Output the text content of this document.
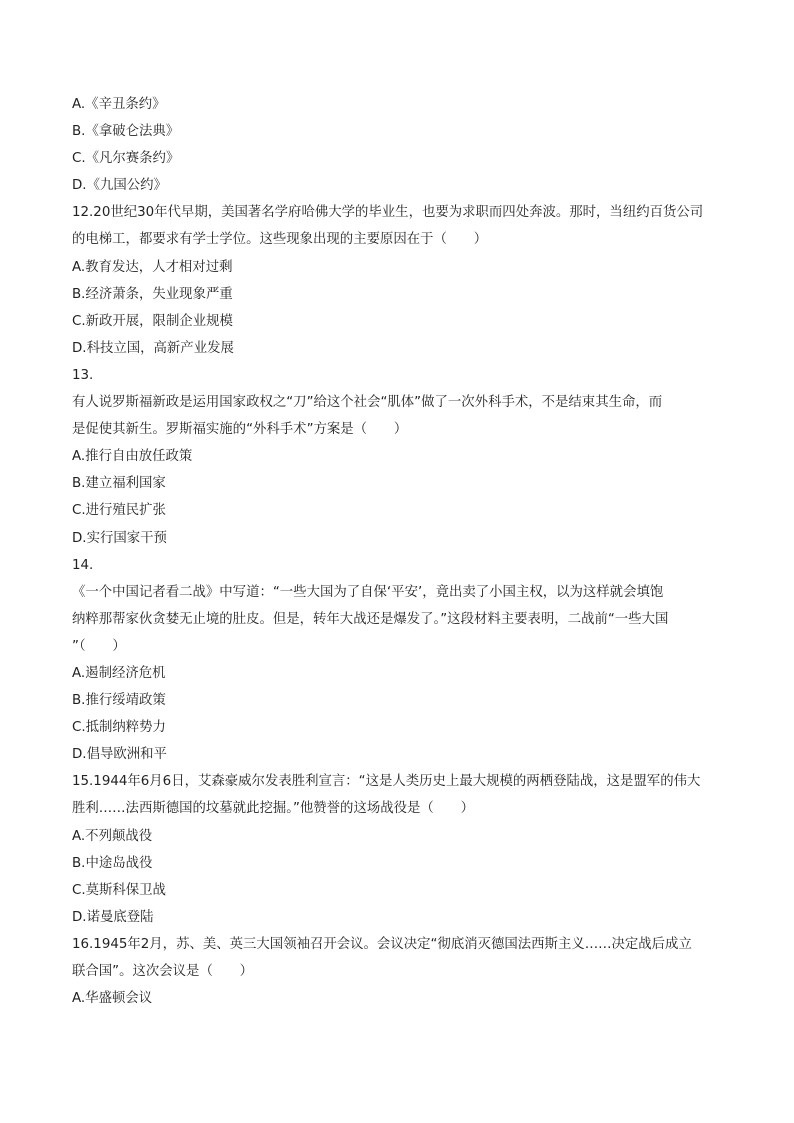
A.《辛丑条约》
B.《拿破仑法典》
C.《凡尔赛条约》
D.《九国公约》
12.20世纪30年代早期，美国著名学府哈佛大学的毕业生，也要为求职而四处奔波。那时，当纽约百货公司
的电梯工，都要求有学士学位。这些现象出现的主要原因在于（　　）
A.教育发达，人才相对过剩
B.经济萧条，失业现象严重
C.新政开展，限制企业规模
D.科技立国，高新产业发展
13.
有人说罗斯福新政是运用国家政权之“刀”给这个社会“肌体”做了一次外科手术，不是结束其生命，而
是促使其新生。罗斯福实施的“外科手术”方案是（　　）
A.推行自由放任政策
B.建立福利国家
C.进行殖民扩张
D.实行国家干预
14.
《一个中国记者看二战》中写道：“一些大国为了自保‘平安’，竟出卖了小国主权，以为这样就会填饱
纳粹那帮家伙贪婪无止境的肚皮。但是，转年大战还是爆发了。”这段材料主要表明，二战前“一些大国
”（　　）
A.遏制经济危机
B.推行绥靖政策
C.抵制纳粹势力
D.倡导欧洲和平
15.1944年6月6日，艾森豪威尔发表胜利宣言：“这是人类历史上最大规模的两栖登陆战，这是盟军的伟大
胜利……法西斯德国的坟墓就此挖掘。”他赞誉的这场战役是（　　）
A.不列颠战役
B.中途岛战役
C.莫斯科保卫战
D.诺曼底登陆
16.1945年2月，苏、美、英三大国领袖召开会议。会议决定“彻底消灭德国法西斯主义……决定战后成立
联合国”。这次会议是（　　）
A.华盛顿会议
